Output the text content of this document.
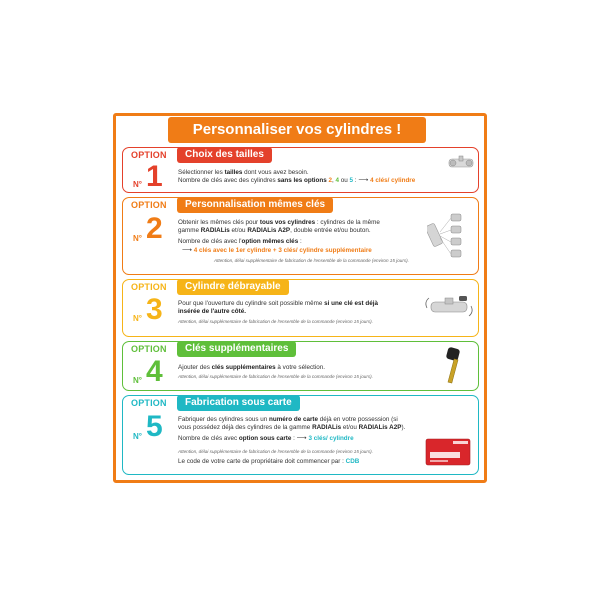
Personnaliser vos cylindres !
OPTION
N° 1
Choix des tailles
Sélectionner les tailles dont vous avez besoin.
Nombre de clés avec des cylindres sans les options 2, 4 ou 5 : ⟶ 4 clés/ cylindre
OPTION
N° 2
Personnalisation mêmes clés
Obtenir les mêmes clés pour tous vos cylindres : cylindres de la même
gamme RADIALis et/ou RADIALis A2P, double entrée et/ou bouton.
Nombre de clés avec l'option mêmes clés :
⟶ 4 clés avec le 1er cylindre + 3 clés/ cylindre supplémentaire
Attention, délai supplémentaire de fabrication de l'ensemble de la commande (environ 15 jours).
OPTION
N° 3
Cylindre débrayable
Pour que l'ouverture du cylindre soit possible même si une clé est déjà
insérée de l'autre côté.
Attention, délai supplémentaire de fabrication de l'ensemble de la commande (environ 15 jours).
OPTION
N° 4
Clés supplémentaires
Ajouter des clés supplémentaires à votre sélection.
Attention, délai supplémentaire de fabrication de l'ensemble de la commande (environ 15 jours).
OPTION
N° 5
Fabrication sous carte
Fabriquer des cylindres sous un numéro de carte déjà en votre possession (si
vous possédez déjà des cylindres de la gamme RADIALis et/ou RADIALis A2P).
Nombre de clés avec option sous carte : ⟶ 3 clés/ cylindre
Attention, délai supplémentaire de fabrication de l'ensemble de la commande (environ 15 jours).
Le code de votre carte de propriétaire doit commencer par : CDB
